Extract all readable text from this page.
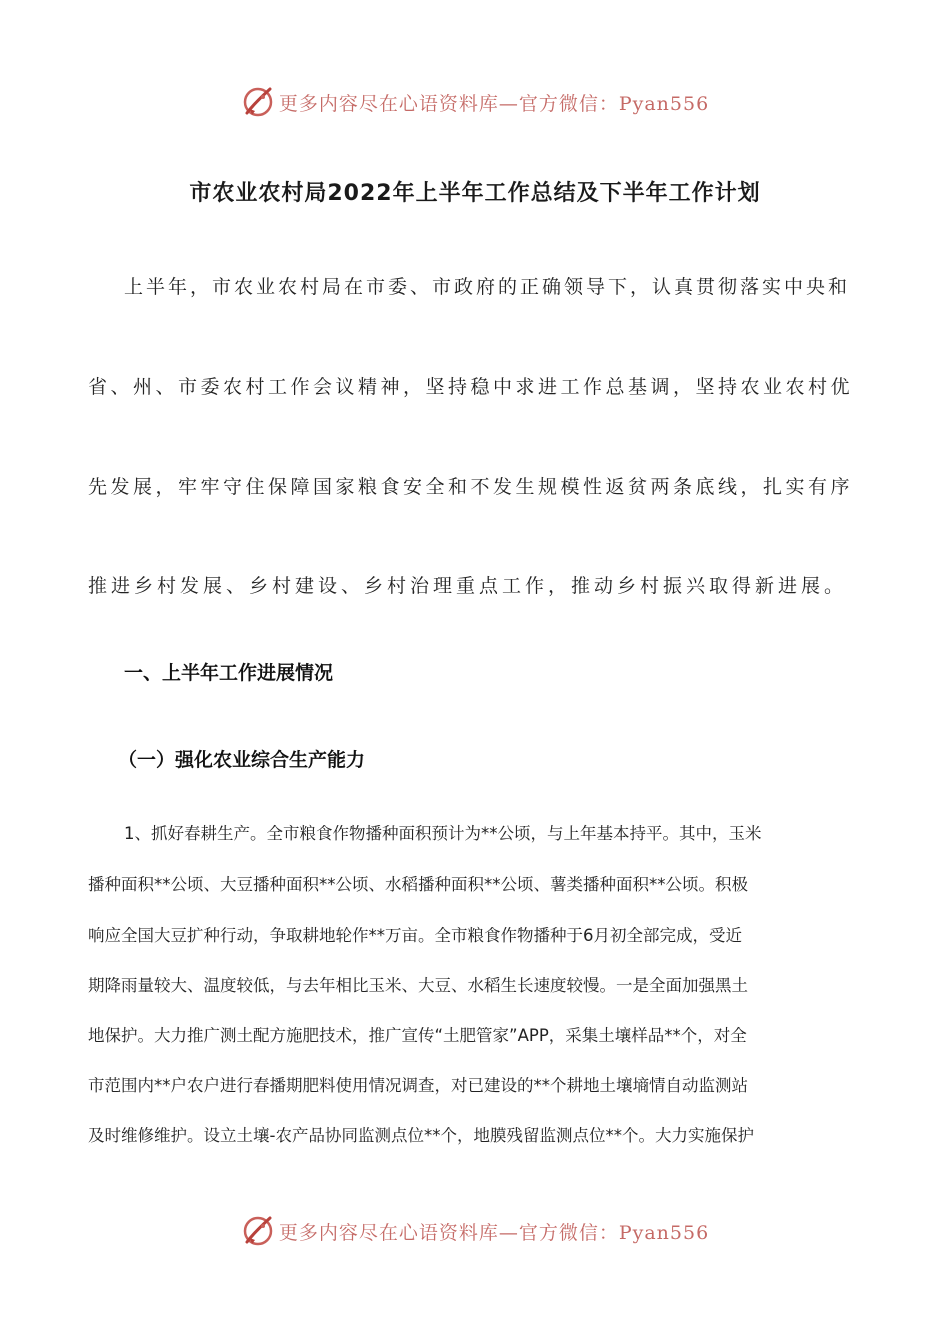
更多内容尽在心语资料库—官方微信：Pyan556
市农业农村局2022年上半年工作总结及下半年工作计划
上半年，市农业农村局在市委、市政府的正确领导下，认真贯彻落实中央和
省、州、市委农村工作会议精神，坚持稳中求进工作总基调，坚持农业农村优
先发展，牢牢守住保障国家粮食安全和不发生规模性返贫两条底线，扎实有序
推进乡村发展、乡村建设、乡村治理重点工作，推动乡村振兴取得新进展。
一、上半年工作进展情况
（一）强化农业综合生产能力
1、抓好春耕生产。全市粮食作物播种面积预计为**公顷，与上年基本持平。其中，玉米
播种面积**公顷、大豆播种面积**公顷、水稻播种面积**公顷、薯类播种面积**公顷。积极
响应全国大豆扩种行动，争取耕地轮作**万亩。全市粮食作物播种于6月初全部完成，受近
期降雨量较大、温度较低，与去年相比玉米、大豆、水稻生长速度较慢。一是全面加强黑土
地保护。大力推广测土配方施肥技术，推广宣传“土肥管家”APP，采集土壤样品**个，对全
市范围内**户农户进行春播期肥料使用情况调查，对已建设的**个耕地土壤墒情自动监测站
及时维修维护。设立土壤-农产品协同监测点位**个，地膜残留监测点位**个。大力实施保护
更多内容尽在心语资料库—官方微信：Pyan556
